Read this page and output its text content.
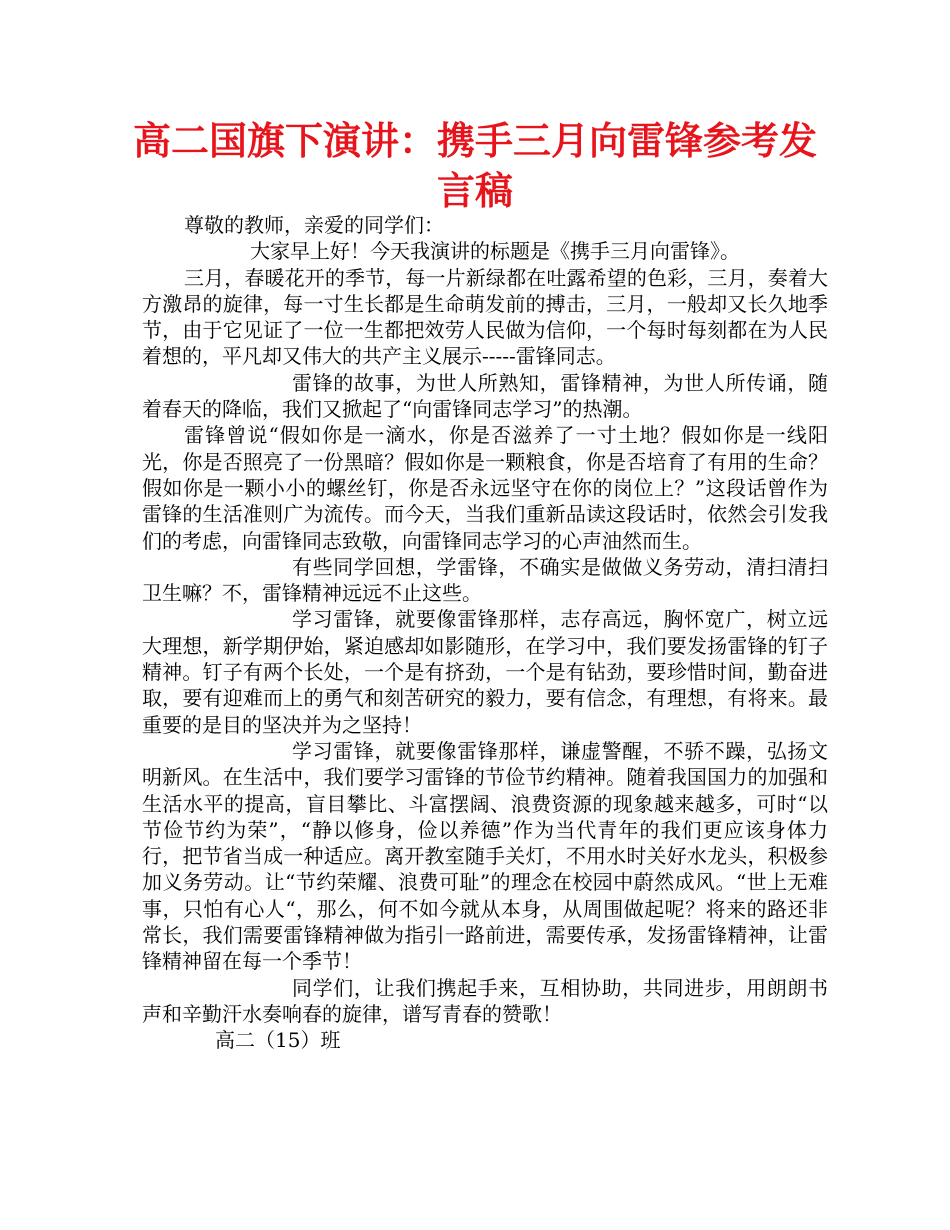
高二国旗下演讲：携手三月向雷锋参考发言稿

尊敬的教师，亲爱的同学们：

大家早上好！今天我演讲的标题是《携手三月向雷锋》。

三月，春暖花开的季节，每一片新绿都在吐露希望的色彩，三月，奏着大方激昂的旋律，每一寸生长都是生命萌发前的搏击，三月，一般却又长久地季节，由于它见证了一位一生都把效劳人民做为信仰，一个每时每刻都在为人民着想的，平凡却又伟大的共产主义展示-----雷锋同志。

雷锋的故事，为世人所熟知，雷锋精神，为世人所传诵，随着春天的降临，我们又掀起了“向雷锋同志学习”的热潮。

雷锋曾说“假如你是一滴水，你是否滋养了一寸土地？假如你是一线阳光，你是否照亮了一份黑暗？假如你是一颗粮食，你是否培育了有用的生命？假如你是一颗小小的螺丝钉，你是否永远坚守在你的岗位上？”这段话曾作为雷锋的生活准则广为流传。而今天，当我们重新品读这段话时，依然会引发我们的考虑，向雷锋同志致敬，向雷锋同志学习的心声油然而生。

有些同学回想，学雷锋，不确实是做做义务劳动，清扫清扫卫生嘛？不，雷锋精神远远不止这些。

学习雷锋，就要像雷锋那样，志存高远，胸怀宽广，树立远大理想，新学期伊始，紧迫感却如影随形，在学习中，我们要发扬雷锋的钉子精神。钉子有两个长处，一个是有挤劲，一个是有钻劲，要珍惜时间，勤奋进取，要有迎难而上的勇气和刻苦研究的毅力，要有信念，有理想，有将来。最重要的是目的坚决并为之坚持！

学习雷锋，就要像雷锋那样，谦虚警醒，不骄不躁，弘扬文明新风。在生活中，我们要学习雷锋的节俭节约精神。随着我国国力的加强和生活水平的提高，盲目攀比、斗富摆阔、浪费资源的现象越来越多，可时“以节俭节约为荣”，“静以修身，俭以养德”作为当代青年的我们更应该身体力行，把节省当成一种适应。离开教室随手关灯，不用水时关好水龙头，积极参加义务劳动。让“节约荣耀、浪费可耻”的理念在校园中蔚然成风。“世上无难事，只怕有心人“，那么，何不如今就从本身，从周围做起呢？将来的路还非常长，我们需要雷锋精神做为指引一路前进，需要传承，发扬雷锋精神，让雷锋精神留在每一个季节！

同学们，让我们携起手来，互相协助，共同进步，用朗朗书声和辛勤汗水奏响春的旋律，谱写青春的赞歌！

高二（15）班
